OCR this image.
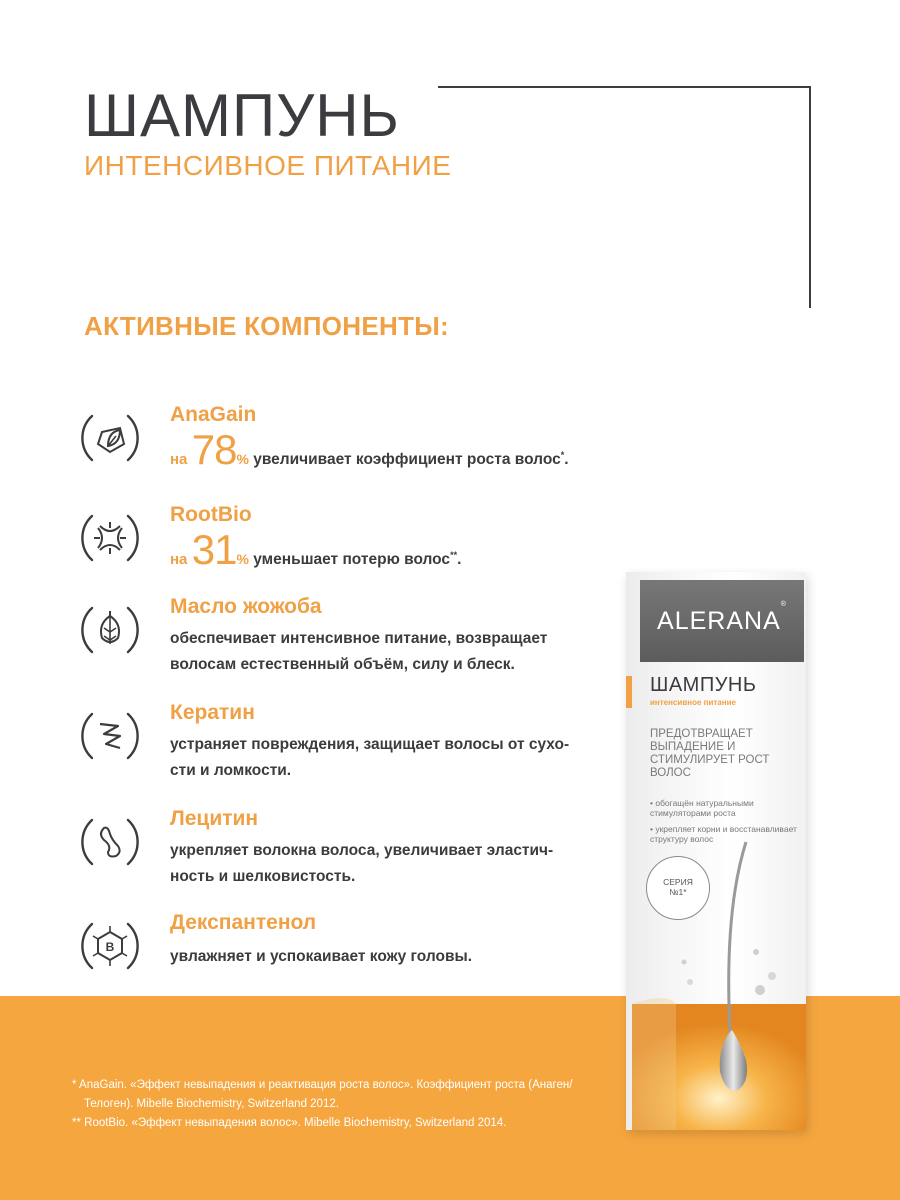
ШАМПУНЬ
ИНТЕНСИВНОЕ ПИТАНИЕ
АКТИВНЫЕ КОМПОНЕНТЫ:
AnaGain
на 78% увеличивает коэффициент роста волос*.
RootBio
на 31% уменьшает потерю волос**.
Масло жожоба
обеспечивает интенсивное питание, возвращает волосам естественный объём, силу и блеск.
Кератин
устраняет повреждения, защищает волосы от сухо-сти и ломкости.
Лецитин
укрепляет волокна волоса, увеличивает эластич-ность и шелковистость.
B
Декспантенол
увлажняет и успокаивает кожу головы.
* AnaGain. «Эффект невыпадения и реактивация роста волос». Коэффициент роста (Анаген/Телоген). Mibelle Biochemistry, Switzerland 2012.
** RootBio. «Эффект невыпадения волос». Mibelle Biochemistry, Switzerland 2014.
ALERANA®
ШАМПУНЬ
интенсивное питание
ПРЕДОТВРАЩАЕТ ВЫПАДЕНИЕ И СТИМУЛИРУЕТ РОСТ ВОЛОС
• обогащён натуральными стимуляторами роста
• укрепляет корни и восстанавливает структуру волос
СЕРИЯ
№1*
